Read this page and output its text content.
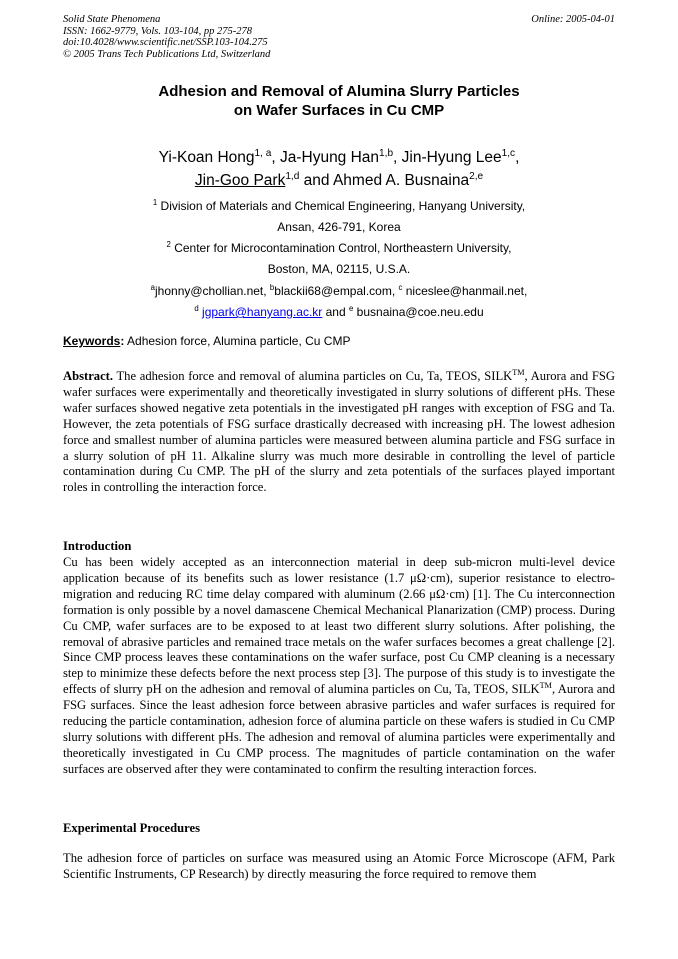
Solid State Phenomena
ISSN: 1662-9779, Vols. 103-104, pp 275-278
doi:10.4028/www.scientific.net/SSP.103-104.275
© 2005 Trans Tech Publications Ltd, Switzerland
Online: 2005-04-01
Adhesion and Removal of Alumina Slurry Particles
on Wafer Surfaces in Cu CMP
Yi-Koan Hong$^{1, a}$, Ja-Hyung Han$^{1,b}$, Jin-Hyung Lee$^{1,c}$,
Jin-Goo Park$^{1,d}$ and Ahmed A. Busnaina$^{2,e}$
$^1$ Division of Materials and Chemical Engineering, Hanyang University,
Ansan, 426-791, Korea
$^2$ Center for Microcontamination Control, Northeastern University,
Boston, MA, 02115, U.S.A.
$^a$jhonny@chollian.net, $^b$blackii68@empal.com, $^c$ niceslee@hanmail.net,
$^d$ jgpark@hanyang.ac.kr and $^e$ busnaina@coe.neu.edu
Keywords: Adhesion force, Alumina particle, Cu CMP

Abstract. The adhesion force and removal of alumina particles on Cu, Ta, TEOS, SILK™, Aurora and FSG wafer surfaces were experimentally and theoretically investigated in slurry solutions of different pHs. These wafer surfaces showed negative zeta potentials in the investigated pH ranges with exception of FSG and Ta. However, the zeta potentials of FSG surface drastically decreased with increasing pH. The lowest adhesion force and smallest number of alumina particles were measured between alumina particle and FSG surface in a slurry solution of pH 11. Alkaline slurry was much more desirable in controlling the level of particle contamination during Cu CMP. The pH of the slurry and zeta potentials of the surfaces played important roles in controlling the interaction force.

Introduction

Cu has been widely accepted as an interconnection material in deep sub-micron multi-level device application because of its benefits such as lower resistance (1.7 μΩ·cm), superior resistance to electro-migration and reducing RC time delay compared with aluminum (2.66 μΩ·cm) [1]. The Cu interconnection formation is only possible by a novel damascene Chemical Mechanical Planarization (CMP) process. During Cu CMP, wafer surfaces are to be exposed to at least two different slurry solutions. After polishing, the removal of abrasive particles and remained trace metals on the wafer surfaces becomes a great challenge [2]. Since CMP process leaves these contaminations on the wafer surface, post Cu CMP cleaning is a necessary step to minimize these defects before the next process step [3]. The purpose of this study is to investigate the effects of slurry pH on the adhesion and removal of alumina particles on Cu, Ta, TEOS, SILK™, Aurora and FSG surfaces. Since the least adhesion force between abrasive particles and wafer surfaces is required for reducing the particle contamination, adhesion force of alumina particle on these wafers is studied in Cu CMP slurry solutions with different pHs. The adhesion and removal of alumina particles were experimentally and theoretically investigated in Cu CMP process. The magnitudes of particle contamination on the wafer surfaces are observed after they were contaminated to confirm the resulting interaction forces.

Experimental Procedures

The adhesion force of particles on surface was measured using an Atomic Force Microscope (AFM, Park Scientific Instruments, CP Research) by directly measuring the force required to remove them
